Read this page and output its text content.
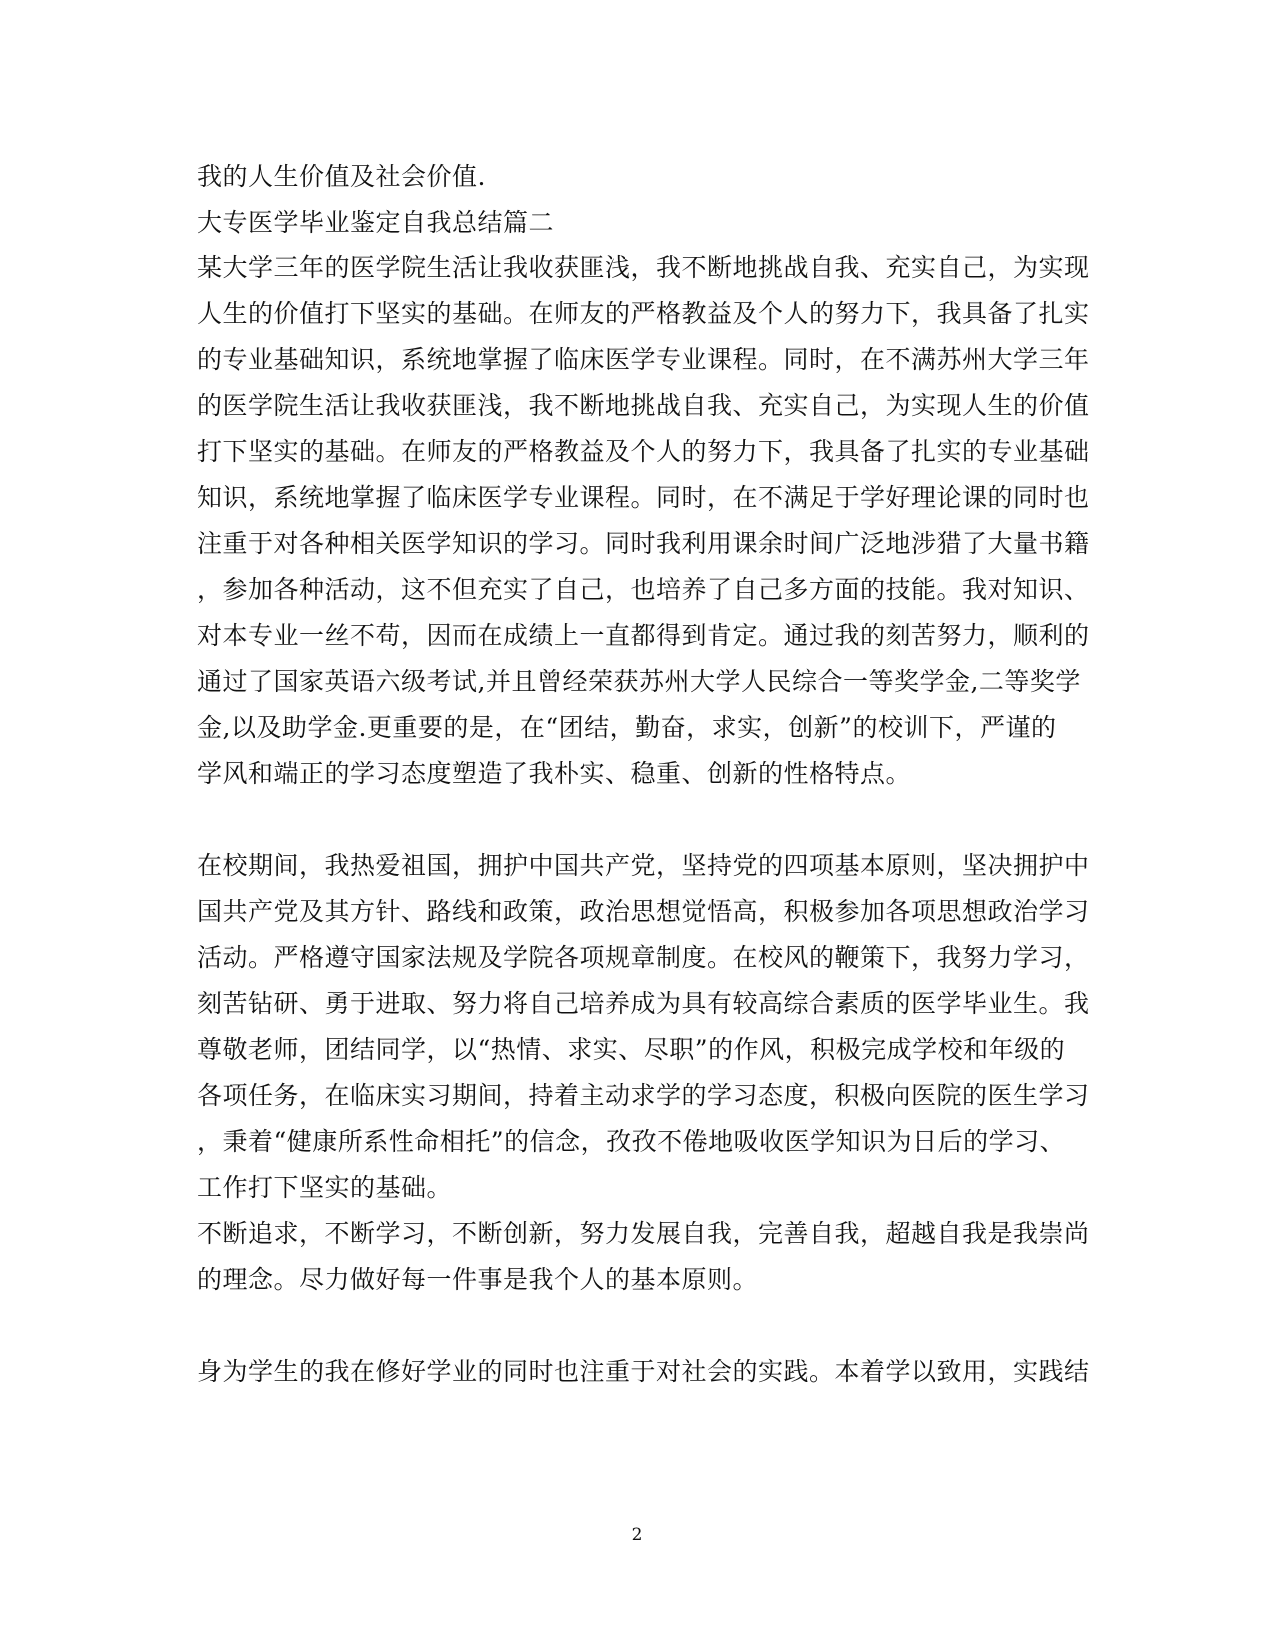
我的人生价值及社会价值.
大专医学毕业鉴定自我总结篇二
某大学三年的医学院生活让我收获匪浅，我不断地挑战自我、充实自己，为实现
人生的价值打下坚实的基础。在师友的严格教益及个人的努力下，我具备了扎实
的专业基础知识，系统地掌握了临床医学专业课程。同时，在不满苏州大学三年
的医学院生活让我收获匪浅，我不断地挑战自我、充实自己，为实现人生的价值
打下坚实的基础。在师友的严格教益及个人的努力下，我具备了扎实的专业基础
知识，系统地掌握了临床医学专业课程。同时，在不满足于学好理论课的同时也
注重于对各种相关医学知识的学习。同时我利用课余时间广泛地涉猎了大量书籍
，参加各种活动，这不但充实了自己，也培养了自己多方面的技能。我对知识、
对本专业一丝不苟，因而在成绩上一直都得到肯定。通过我的刻苦努力，顺利的
通过了国家英语六级考试,并且曾经荣获苏州大学人民综合一等奖学金,二等奖学
金,以及助学金.更重要的是，在“团结，勤奋，求实，创新”的校训下，严谨的
学风和端正的学习态度塑造了我朴实、稳重、创新的性格特点。
在校期间，我热爱祖国，拥护中国共产党，坚持党的四项基本原则，坚决拥护中
国共产党及其方针、路线和政策，政治思想觉悟高，积极参加各项思想政治学习
活动。严格遵守国家法规及学院各项规章制度。在校风的鞭策下，我努力学习，
刻苦钻研、勇于进取、努力将自己培养成为具有较高综合素质的医学毕业生。我
尊敬老师，团结同学，以“热情、求实、尽职”的作风，积极完成学校和年级的
各项任务，在临床实习期间，持着主动求学的学习态度，积极向医院的医生学习
，秉着“健康所系性命相托”的信念，孜孜不倦地吸收医学知识为日后的学习、
工作打下坚实的基础。
不断追求，不断学习，不断创新，努力发展自我，完善自我，超越自我是我崇尚
的理念。尽力做好每一件事是我个人的基本原则。
身为学生的我在修好学业的同时也注重于对社会的实践。本着学以致用，实践结
2
